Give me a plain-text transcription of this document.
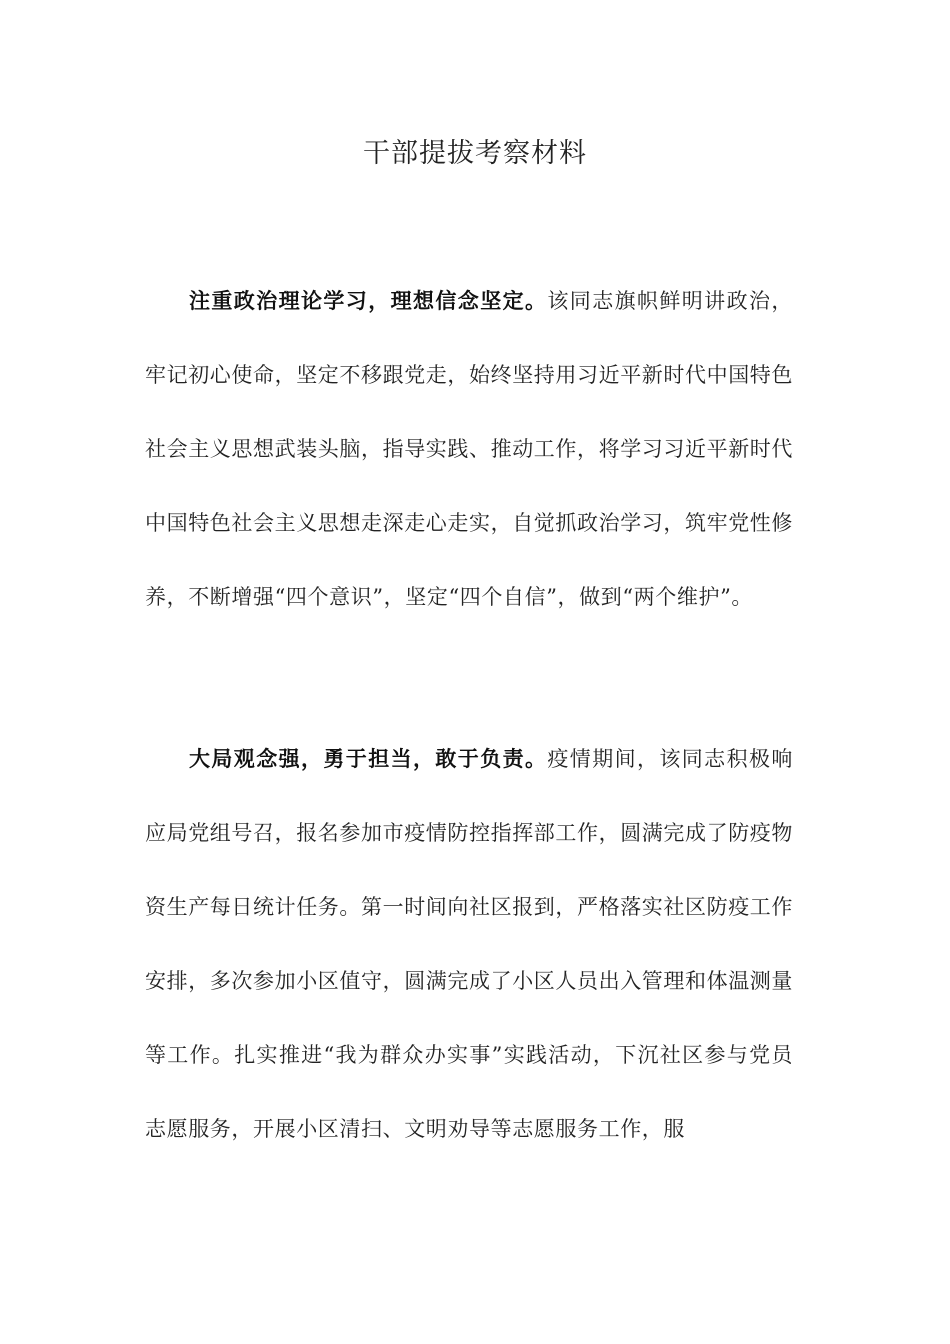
干部提拔考察材料

注重政治理论学习，理想信念坚定。该同志旗帜鲜明讲政治，牢记初心使命，坚定不移跟党走，始终坚持用习近平新时代中国特色社会主义思想武装头脑，指导实践、推动工作，将学习习近平新时代中国特色社会主义思想走深走心走实，自觉抓政治学习，筑牢党性修养，不断增强“四个意识”，坚定“四个自信”，做到“两个维护”。

大局观念强，勇于担当，敢于负责。疫情期间，该同志积极响应局党组号召，报名参加市疫情防控指挥部工作，圆满完成了防疫物资生产每日统计任务。第一时间向社区报到，严格落实社区防疫工作安排，多次参加小区值守，圆满完成了小区人员出入管理和体温测量等工作。扎实推进“我为群众办实事”实践活动，下沉社区参与党员志愿服务，开展小区清扫、文明劝导等志愿服务工作，服
